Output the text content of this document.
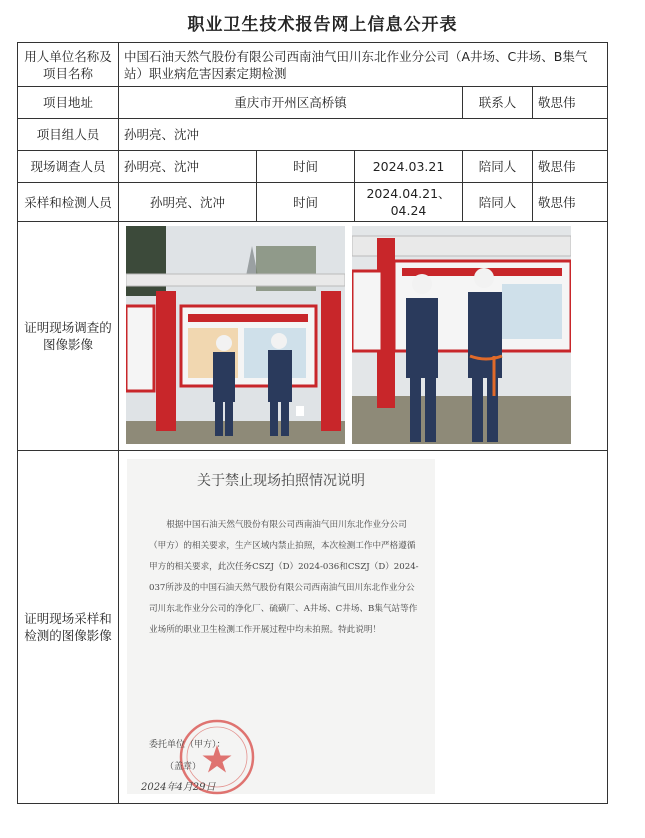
职业卫生技术报告网上信息公开表
用人单位名称及项目名称	中国石油天然气股份有限公司西南油气田川东北作业分公司（A井场、C井场、B集气站）职业病危害因素定期检测				
项目地址	重庆市开州区高桥镇			联系人	敬思伟
项目组人员	孙明亮、沈冲				
现场调查人员	孙明亮、沈冲	时间	2024.03.21	陪同人	敬思伟
采样和检测人员	孙明亮、沈冲	时间	2024.04.21、04.24	陪同人	敬思伟
证明现场调查的图像影像	

证明现场采样和检测的图像影像	关于禁止现场拍照情况说明
根据中国石油天然气股份有限公司西南油气田川东北作业分公司（甲方）的相关要求，生产区域内禁止拍照，本次检测工作中严格遵循甲方的相关要求，此次任务CSZJ（D）2024-036和CSZJ（D）2024-037所涉及的中国石油天然气股份有限公司西南油气田川东北作业分公司川东北作业分公司的净化厂、硫磺厂、A井场、C井场、B集气站等作业场所的职业卫生检测工作开展过程中均未拍照。特此说明！
委托单位（甲方）：
（盖章）
2024年4月29日				
